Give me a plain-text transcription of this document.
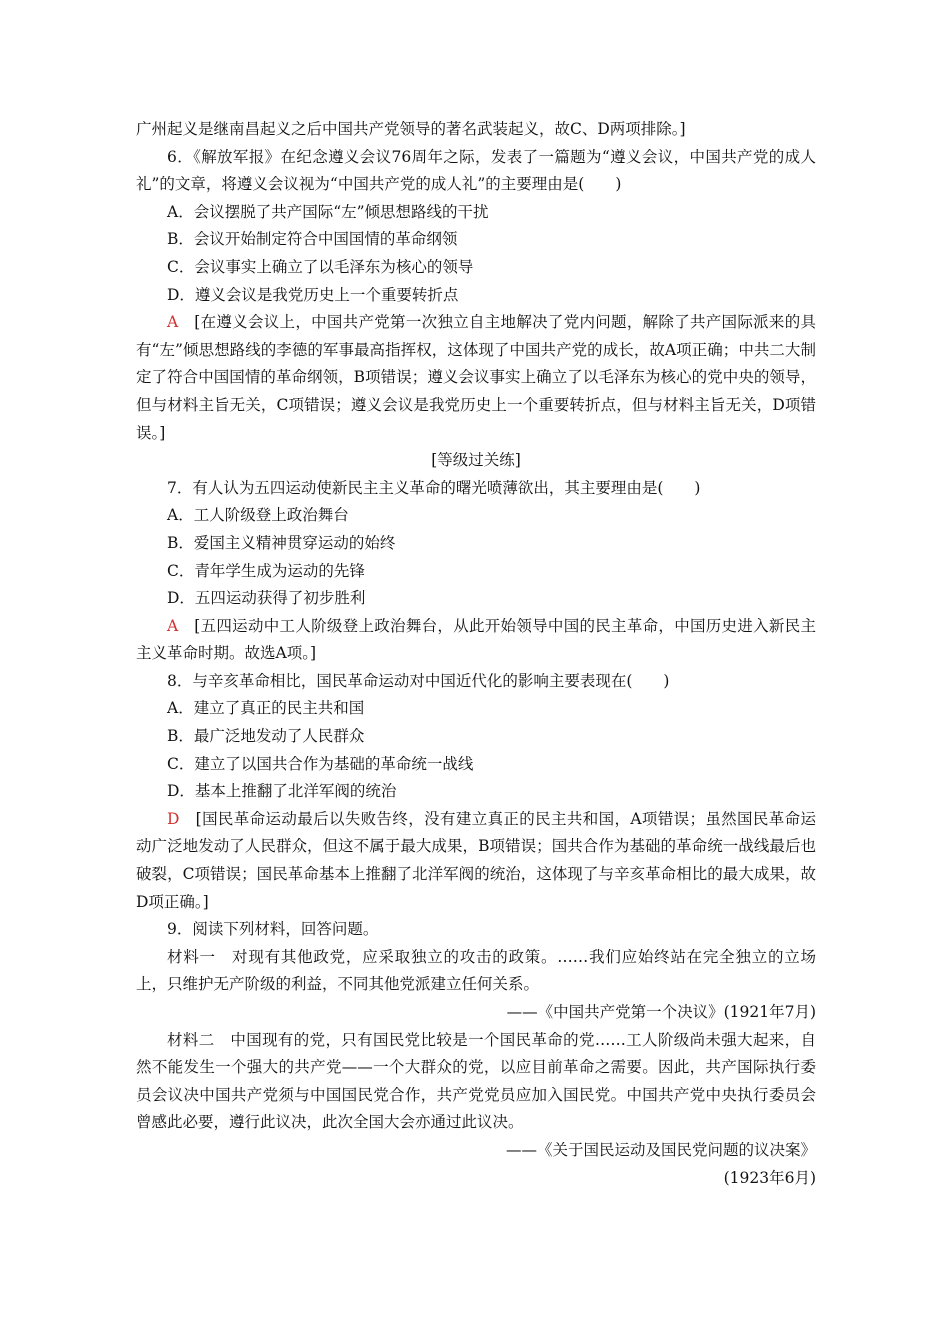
广州起义是继南昌起义之后中国共产党领导的著名武装起义，故C、D两项排除。]

6．《解放军报》在纪念遵义会议76周年之际，发表了一篇题为“遵义会议，中国共产党的成人礼”的文章，将遵义会议视为“中国共产党的成人礼”的主要理由是(　　)

A．会议摆脱了共产国际“左”倾思想路线的干扰

B．会议开始制定符合中国国情的革命纲领

C．会议事实上确立了以毛泽东为核心的领导

D．遵义会议是我党历史上一个重要转折点

A　[在遵义会议上，中国共产党第一次独立自主地解决了党内问题，解除了共产国际派来的具有“左”倾思想路线的李德的军事最高指挥权，这体现了中国共产党的成长，故A项正确；中共二大制定了符合中国国情的革命纲领，B项错误；遵义会议事实上确立了以毛泽东为核心的党中央的领导，但与材料主旨无关，C项错误；遵义会议是我党历史上一个重要转折点，但与材料主旨无关，D项错误。]

[等级过关练]

7．有人认为五四运动使新民主主义革命的曙光喷薄欲出，其主要理由是(　　)

A．工人阶级登上政治舞台

B．爱国主义精神贯穿运动的始终

C．青年学生成为运动的先锋

D．五四运动获得了初步胜利

A　[五四运动中工人阶级登上政治舞台，从此开始领导中国的民主革命，中国历史进入新民主主义革命时期。故选A项。]

8．与辛亥革命相比，国民革命运动对中国近代化的影响主要表现在(　　)

A．建立了真正的民主共和国

B．最广泛地发动了人民群众

C．建立了以国共合作为基础的革命统一战线

D．基本上推翻了北洋军阀的统治

D　[国民革命运动最后以失败告终，没有建立真正的民主共和国，A项错误；虽然国民革命运动广泛地发动了人民群众，但这不属于最大成果，B项错误；国共合作为基础的革命统一战线最后也破裂，C项错误；国民革命基本上推翻了北洋军阀的统治，这体现了与辛亥革命相比的最大成果，故D项正确。]

9．阅读下列材料，回答问题。

材料一　对现有其他政党，应采取独立的攻击的政策。……我们应始终站在完全独立的立场上，只维护无产阶级的利益，不同其他党派建立任何关系。

——《中国共产党第一个决议》(1921年7月)

材料二　中国现有的党，只有国民党比较是一个国民革命的党……工人阶级尚未强大起来，自然不能发生一个强大的共产党——一个大群众的党，以应目前革命之需要。因此，共产国际执行委员会议决中国共产党须与中国国民党合作，共产党党员应加入国民党。中国共产党中央执行委员会曾感此必要，遵行此议决，此次全国大会亦通过此议决。

——《关于国民运动及国民党问题的议决案》

(1923年6月)
